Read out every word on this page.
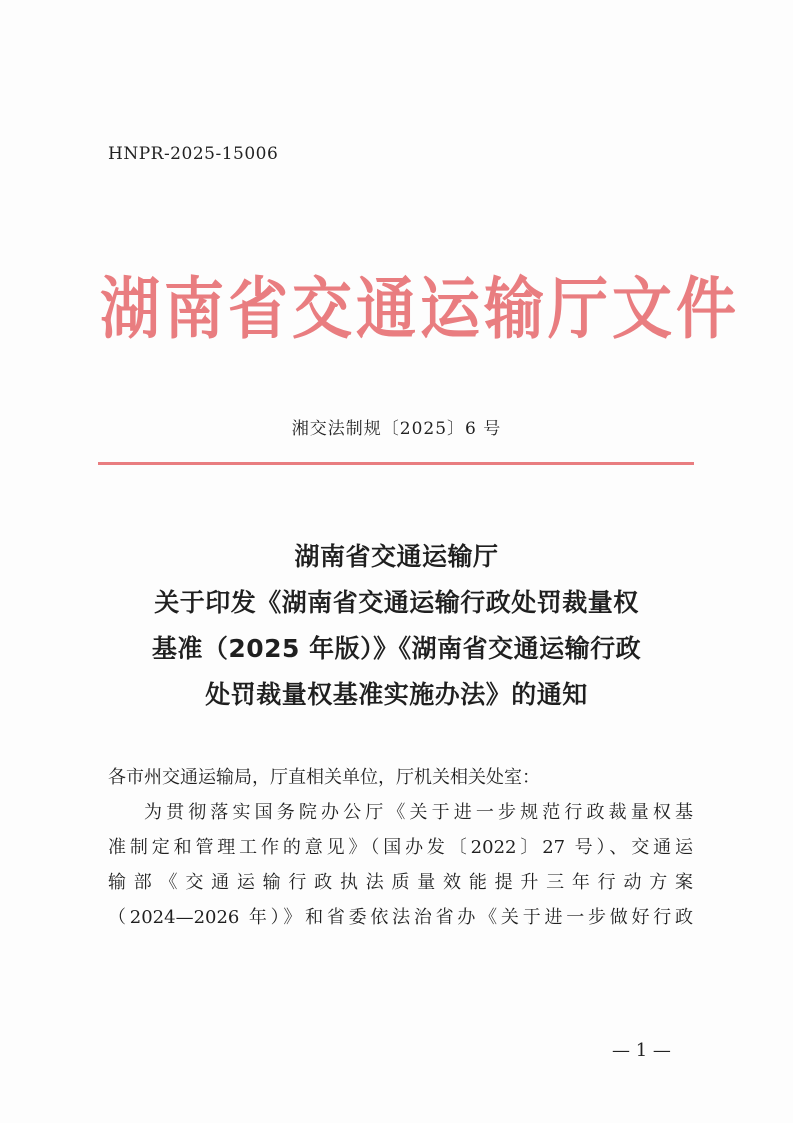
HNPR-2025-15006
湖南省交通运输厅文件
湘交法制规〔2025〕6 号
湖南省交通运输厅
关于印发《湖南省交通运输行政处罚裁量权
基准（2025 年版）》《湖南省交通运输行政
处罚裁量权基准实施办法》的通知
各市州交通运输局，厅直相关单位，厅机关相关处室：
为贯彻落实国务院办公厅《关于进一步规范行政裁量权基
准制定和管理工作的意见》（国办发〔2022〕27 号）、交通运
输部《交通运输行政执法质量效能提升三年行动方案
（2024—2026 年）》和省委依法治省办《关于进一步做好行政
— 1 —
